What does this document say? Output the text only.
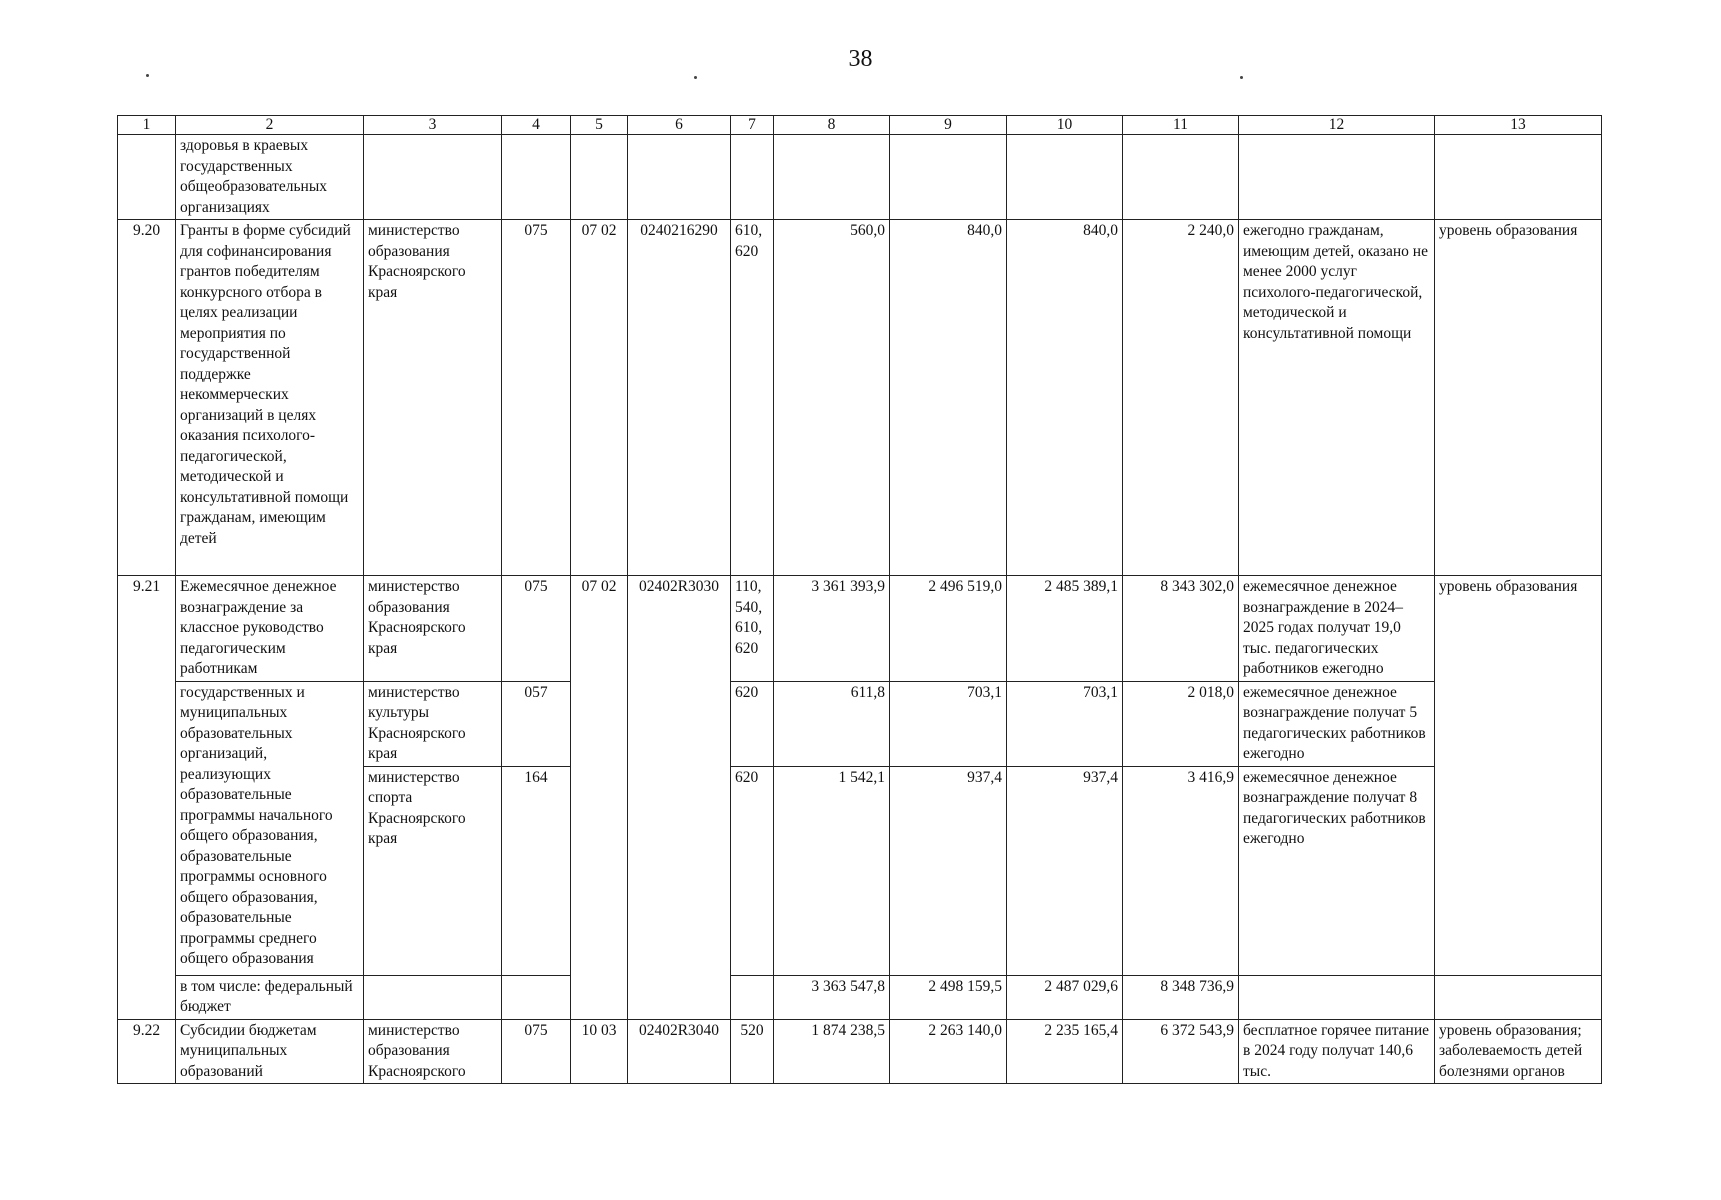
38
1	2	3	4	5	6	7	8	9	10	11	12	13
	здоровья в краевых государственных общеобразовательных организациях											
9.20	Гранты в форме субсидий для софинансирования грантов победителям конкурсного отбора в целях реализации мероприятия по государственной поддержке некоммерческих организаций в целях оказания психолого-педагогической, методической и консультативной помощи гражданам, имеющим детей	министерство образования Красноярского края	075	07 02	0240216290	610, 620	560,0	840,0	840,0	2 240,0	ежегодно гражданам, имеющим детей, оказано не менее 2000 услуг психолого-педагогической, методической и консультативной помощи	уровень образования
9.21	Ежемесячное денежное вознаграждение за классное руководство педагогическим работникам	министерство образования Красноярского края	075	07 02	02402R3030	110, 540, 610, 620	3 361 393,9	2 496 519,0	2 485 389,1	8 343 302,0	ежемесячное денежное вознаграждение в 2024–2025 годах получат 19,0 тыс. педагогических работников ежегодно	уровень образования
	государственных и муниципальных образовательных организаций, реализующих образовательные программы начального общего образования, образовательные программы основного общего образования, образовательные программы среднего общего образования	министерство культуры Красноярского края	057			620	611,8	703,1	703,1	2 018,0	ежемесячное денежное вознаграждение получат 5 педагогических работников ежегодно	
		министерство спорта Красноярского края	164			620	1 542,1	937,4	937,4	3 416,9	ежемесячное денежное вознаграждение получат 8 педагогических работников ежегодно	
	в том числе: федеральный бюджет						3 363 547,8	2 498 159,5	2 487 029,6	8 348 736,9		
9.22	Субсидии бюджетам муниципальных образований	министерство образования Красноярского	075	10 03	02402R3040	520	1 874 238,5	2 263 140,0	2 235 165,4	6 372 543,9	бесплатное горячее питание в 2024 году получат 140,6 тыс.	уровень образования; заболеваемость детей болезнями органов
